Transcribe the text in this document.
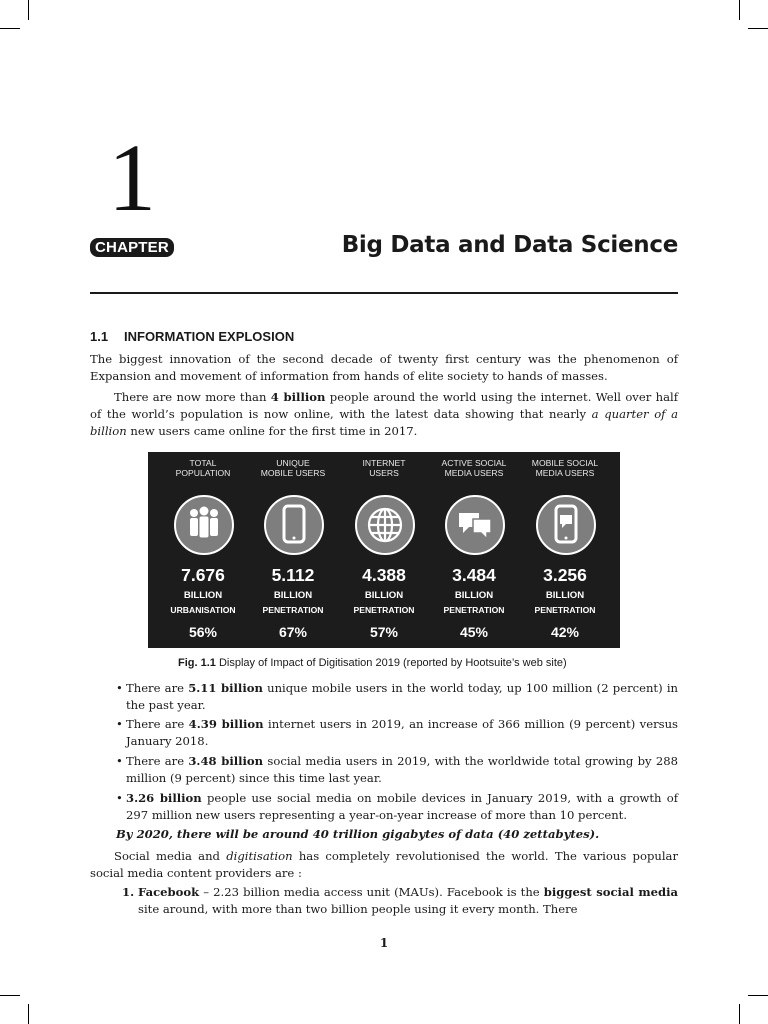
1
CHAPTER	Big Data and Data Science
1.1 INFORMATION EXPLOSION
The biggest innovation of the second decade of twenty first century was the phenomenon of Expansion and movement of information from hands of elite society to hands of masses.
There are now more than 4 billion people around the world using the internet. Well over half of the world’s population is now online, with the latest data showing that nearly a quarter of a billion new users came online for the first time in 2017.
TOTAL
POPULATION
7.676
BILLION
URBANISATION
56%
UNIQUE
MOBILE USERS
5.112
BILLION
PENETRATION
67%
INTERNET
USERS
4.388
BILLION
PENETRATION
57%
ACTIVE SOCIAL
MEDIA USERS
3.484
BILLION
PENETRATION
45%
MOBILE SOCIAL
MEDIA USERS
3.256
BILLION
PENETRATION
42%
Fig. 1.1 Display of Impact of Digitisation 2019 (reported by Hootsuite’s web site)
• There are 5.11 billion unique mobile users in the world today, up 100 million (2 percent) in the past year.
• There are 4.39 billion internet users in 2019, an increase of 366 million (9 percent) versus January 2018.
• There are 3.48 billion social media users in 2019, with the worldwide total growing by 288 million (9 percent) since this time last year.
• 3.26 billion people use social media on mobile devices in January 2019, with a growth of 297 million new users representing a year-on-year increase of more than 10 percent.
By 2020, there will be around 40 trillion gigabytes of data (40 zettabytes).
Social media and digitisation has completely revolutionised the world. The various popular social media content providers are :
1. Facebook – 2.23 billion media access unit (MAUs). Facebook is the biggest social media site around, with more than two billion people using it every month. There
1
